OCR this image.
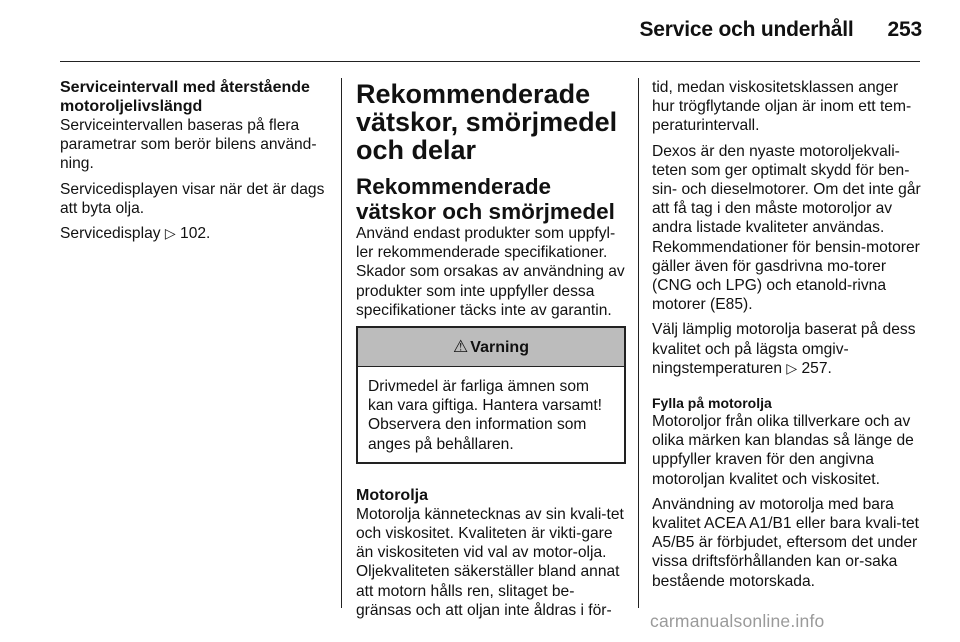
Service och underhåll 253
Serviceintervall med återstående motoroljelivslängd

Serviceintervallen baseras på flera parametrar som berör bilens använd-ning.

Servicedisplayen visar när det är dags att byta olja.

Servicedisplay ▷ 102.

Rekommenderade vätskor, smörjmedel och delar
Rekommenderade vätskor och smörjmedel

Använd endast produkter som uppfyl-ler rekommenderade specifikationer. Skador som orsakas av användning av produkter som inte uppfyller dessa specifikationer täcks inte av garantin.

⚠ Varning
Drivmedel är farliga ämnen som kan vara giftiga. Hantera varsamt! Observera den information som anges på behållaren.
Motorolja

Motorolja kännetecknas av sin kvali-tet och viskositet. Kvaliteten är vikti-gare än viskositeten vid val av motor-olja. Oljekvaliteten säkerställer bland annat att motorn hålls ren, slitaget be-gränsas och att oljan inte åldras i för-

tid, medan viskositetsklassen anger hur trögflytande oljan är inom ett tem-peraturintervall.

Dexos är den nyaste motoroljekvali-teten som ger optimalt skydd för ben-sin- och dieselmotorer. Om det inte går att få tag i den måste motoroljor av andra listade kvaliteter användas. Rekommendationer för bensin-motorer gäller även för gasdrivna mo-torer (CNG och LPG) och etanold-rivna motorer (E85).

Välj lämplig motorolja baserat på dess kvalitet och på lägsta omgiv-ningstemperaturen ▷ 257.

Fylla på motorolja

Motoroljor från olika tillverkare och av olika märken kan blandas så länge de uppfyller kraven för den angivna motoroljan kvalitet och viskositet.

Användning av motorolja med bara kvalitet ACEA A1/B1 eller bara kvali-tet A5/B5 är förbjudet, eftersom det under vissa driftsförhållanden kan or-saka bestående motorskada.

carmanualsonline.info
